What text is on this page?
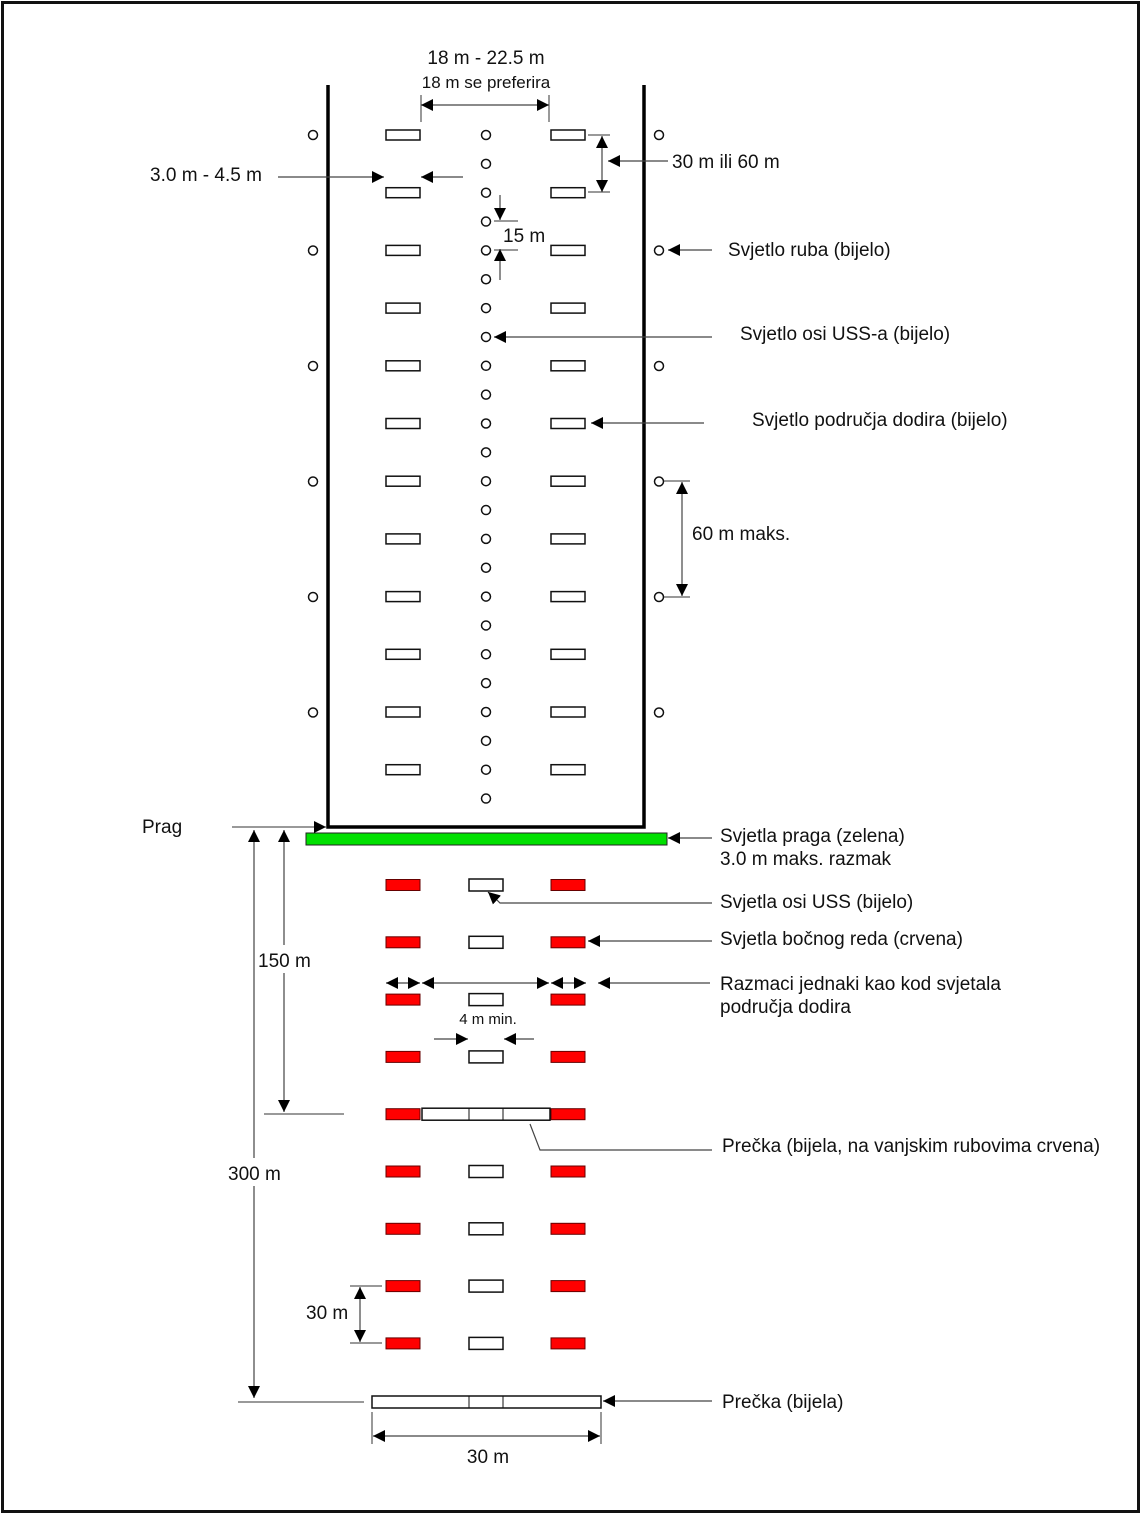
18 m - 22.5 m
18 m se preferira
3.0 m - 4.5 m
30 m ili 60 m
15 m
Svjetlo ruba (bijelo)
Svjetlo osi USS-a (bijelo)
Svjetlo područja dodira (bijelo)
60 m maks.
Prag	Svjetla praga (zelena)
3.0 m maks. razmak
Svjetla osi USS (bijelo)
Svjetla bočnog reda (crvena)
Razmaci jednaki kao kod svjetala
područja dodira
4 m min.
150 m
300 m
Prečka (bijela, na vanjskim rubovima crvena)
30 m
Prečka (bijela)
30 m
